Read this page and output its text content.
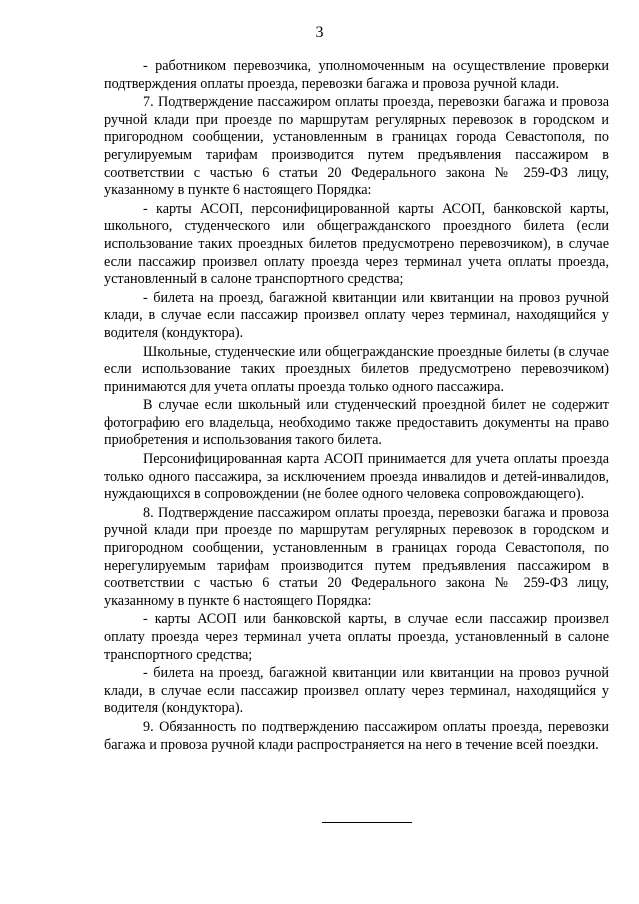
3

- работником перевозчика, уполномоченным на осуществление проверки подтверждения оплаты проезда, перевозки багажа и провоза ручной клади.

7. Подтверждение пассажиром оплаты проезда, перевозки багажа и провоза ручной клади при проезде по маршрутам регулярных перевозок в городском и пригородном сообщении, установленным в границах города Севастополя, по регулируемым тарифам производится путем предъявления пассажиром в соответствии с частью 6 статьи 20 Федерального закона № 259-ФЗ лицу, указанному в пункте 6 настоящего Порядка:

- карты АСОП, персонифицированной карты АСОП, банковской карты, школьного, студенческого или общегражданского проездного билета (если использование таких проездных билетов предусмотрено перевозчиком), в случае если пассажир произвел оплату проезда через терминал учета оплаты проезда, установленный в салоне транспортного средства;

- билета на проезд, багажной квитанции или квитанции на провоз ручной клади, в случае если пассажир произвел оплату через терминал, находящийся у водителя (кондуктора).

Школьные, студенческие или общегражданские проездные билеты (в случае если использование таких проездных билетов предусмотрено перевозчиком) принимаются для учета оплаты проезда только одного пассажира.

В случае если школьный или студенческий проездной билет не содержит фотографию его владельца, необходимо также предоставить документы на право приобретения и использования такого билета.

Персонифицированная карта АСОП принимается для учета оплаты проезда только одного пассажира, за исключением проезда инвалидов и детей-инвалидов, нуждающихся в сопровождении (не более одного человека сопровождающего).

8. Подтверждение пассажиром оплаты проезда, перевозки багажа и провоза ручной клади при проезде по маршрутам регулярных перевозок в городском и пригородном сообщении, установленным в границах города Севастополя, по нерегулируемым тарифам производится путем предъявления пассажиром в соответствии с частью 6 статьи 20 Федерального закона № 259-ФЗ лицу, указанному в пункте 6 настоящего Порядка:

- карты АСОП или банковской карты, в случае если пассажир произвел оплату проезда через терминал учета оплаты проезда, установленный в салоне транспортного средства;

- билета на проезд, багажной квитанции или квитанции на провоз ручной клади, в случае если пассажир произвел оплату через терминал, находящийся у водителя (кондуктора).

9. Обязанность по подтверждению пассажиром оплаты проезда, перевозки багажа и провоза ручной клади распространяется на него в течение всей поездки.
